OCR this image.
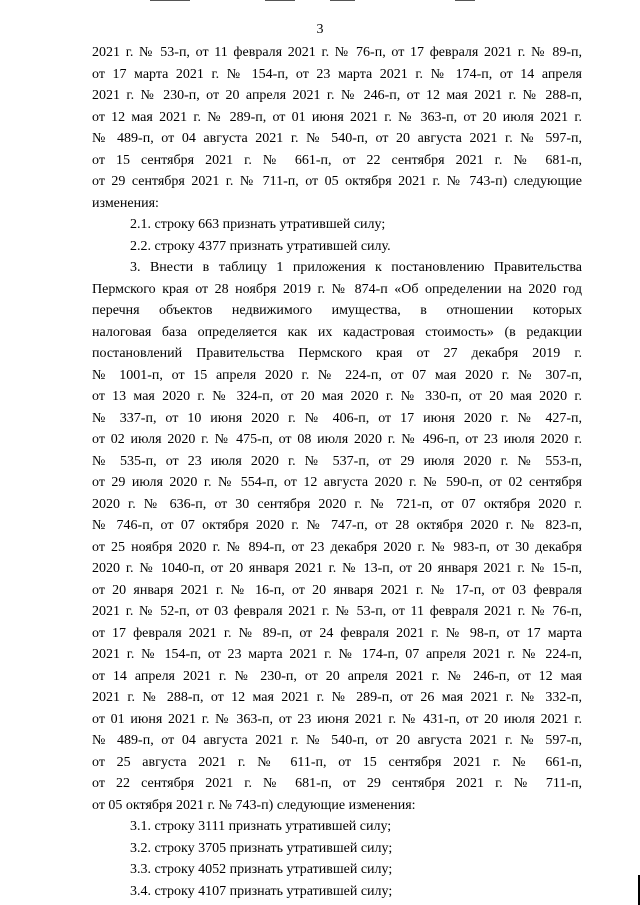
3
2021 г. № 53-п, от 11 февраля 2021 г. № 76-п, от 17 февраля 2021 г. № 89-п,
от 17 марта 2021 г. № 154-п, от 23 марта 2021 г. № 174-п, от 14 апреля
2021 г. № 230-п, от 20 апреля 2021 г. № 246-п, от 12 мая 2021 г. № 288-п,
от 12 мая 2021 г. № 289-п, от 01 июня 2021 г. № 363-п, от 20 июля 2021 г.
№ 489-п, от 04 августа 2021 г. № 540-п, от 20 августа 2021 г. № 597-п,
от 15 сентября 2021 г. № 661-п, от 22 сентября 2021 г. № 681-п,
от 29 сентября 2021 г. № 711-п, от 05 октября 2021 г. № 743-п) следующие
изменения:
2.1. строку 663 признать утратившей силу;
2.2. строку 4377 признать утратившей силу.
3. Внести в таблицу 1 приложения к постановлению Правительства
Пермского края от 28 ноября 2019 г. № 874-п «Об определении на 2020 год
перечня объектов недвижимого имущества, в отношении которых
налоговая база определяется как их кадастровая стоимость» (в редакции
постановлений Правительства Пермского края от 27 декабря 2019 г.
№ 1001-п, от 15 апреля 2020 г. № 224-п, от 07 мая 2020 г. № 307-п,
от 13 мая 2020 г. № 324-п, от 20 мая 2020 г. № 330-п, от 20 мая 2020 г.
№ 337-п, от 10 июня 2020 г. № 406-п, от 17 июня 2020 г. № 427-п,
от 02 июля 2020 г. № 475-п, от 08 июля 2020 г. № 496-п, от 23 июля 2020 г.
№ 535-п, от 23 июля 2020 г. № 537-п, от 29 июля 2020 г. № 553-п,
от 29 июля 2020 г. № 554-п, от 12 августа 2020 г. № 590-п, от 02 сентября
2020 г. № 636-п, от 30 сентября 2020 г. № 721-п, от 07 октября 2020 г.
№ 746-п, от 07 октября 2020 г. № 747-п, от 28 октября 2020 г. № 823-п,
от 25 ноября 2020 г. № 894-п, от 23 декабря 2020 г. № 983-п, от 30 декабря
2020 г. № 1040-п, от 20 января 2021 г. № 13-п, от 20 января 2021 г. № 15-п,
от 20 января 2021 г. № 16-п, от 20 января 2021 г. № 17-п, от 03 февраля
2021 г. № 52-п, от 03 февраля 2021 г. № 53-п, от 11 февраля 2021 г. № 76-п,
от 17 февраля 2021 г. № 89-п, от 24 февраля 2021 г. № 98-п, от 17 марта
2021 г. № 154-п, от 23 марта 2021 г. № 174-п, 07 апреля 2021 г. № 224-п,
от 14 апреля 2021 г. № 230-п, от 20 апреля 2021 г. № 246-п, от 12 мая
2021 г. № 288-п, от 12 мая 2021 г. № 289-п, от 26 мая 2021 г. № 332-п,
от 01 июня 2021 г. № 363-п, от 23 июня 2021 г. № 431-п, от 20 июля 2021 г.
№ 489-п, от 04 августа 2021 г. № 540-п, от 20 августа 2021 г. № 597-п,
от 25 августа 2021 г. № 611-п, от 15 сентября 2021 г. № 661-п,
от 22 сентября 2021 г. № 681-п, от 29 сентября 2021 г. № 711-п,
от 05 октября 2021 г. № 743-п) следующие изменения:
3.1. строку 3111 признать утратившей силу;
3.2. строку 3705 признать утратившей силу;
3.3. строку 4052 признать утратившей силу;
3.4. строку 4107 признать утратившей силу;
